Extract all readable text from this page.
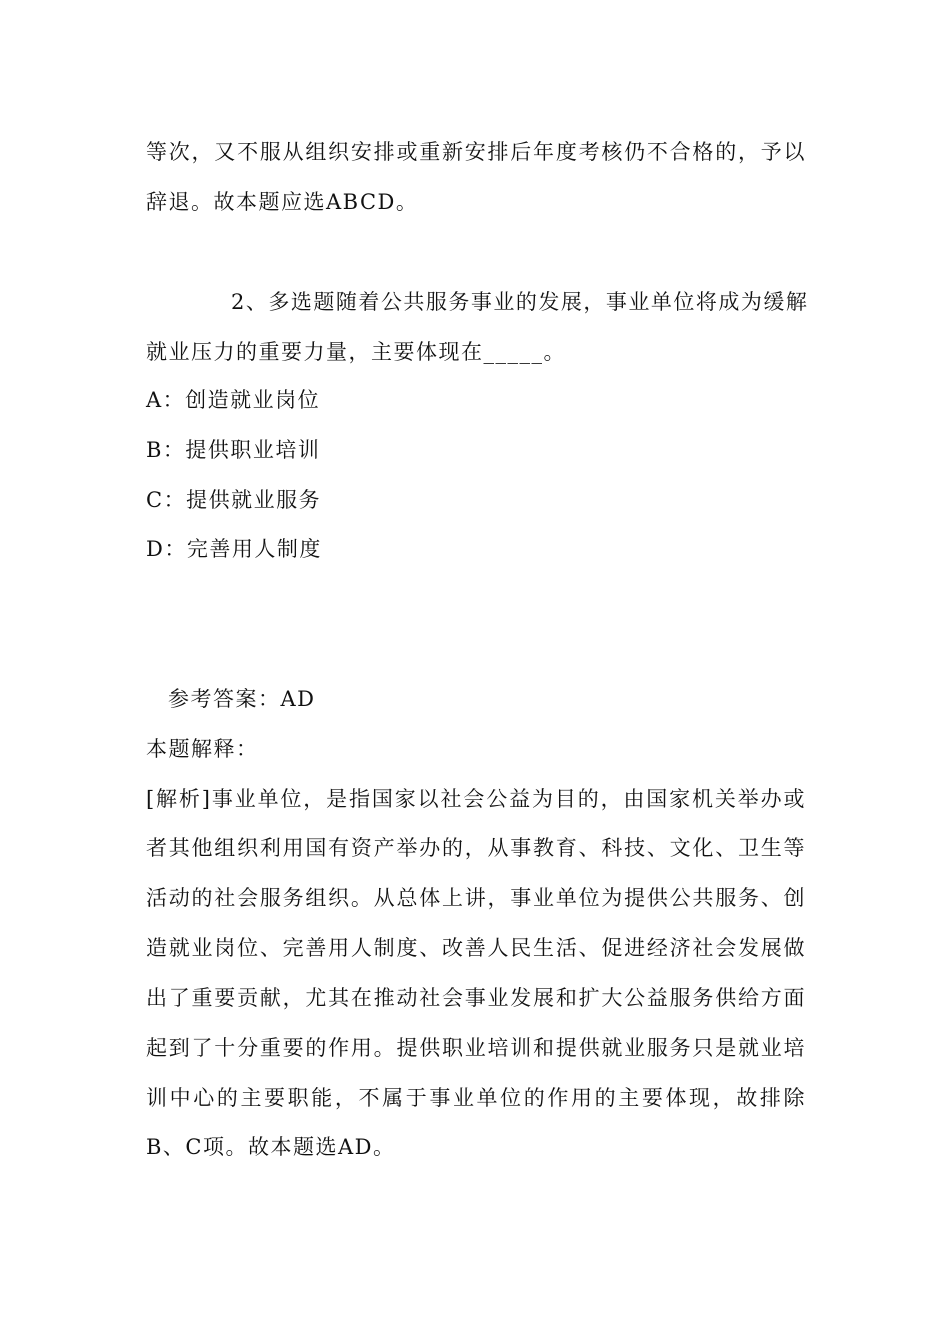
等次，又不服从组织安排或重新安排后年度考核仍不合格的，予以
辞退。故本题应选ABCD。
2、多选题随着公共服务事业的发展，事业单位将成为缓解
就业压力的重要力量，主要体现在_____。
A：创造就业岗位
B：提供职业培训
C：提供就业服务
D：完善用人制度
参考答案：AD
本题解释：
[解析]事业单位，是指国家以社会公益为目的，由国家机关举办或
者其他组织利用国有资产举办的，从事教育、科技、文化、卫生等
活动的社会服务组织。从总体上讲，事业单位为提供公共服务、创
造就业岗位、完善用人制度、改善人民生活、促进经济社会发展做
出了重要贡献，尤其在推动社会事业发展和扩大公益服务供给方面
起到了十分重要的作用。提供职业培训和提供就业服务只是就业培
训中心的主要职能，不属于事业单位的作用的主要体现，故排除
B、C项。故本题选AD。
